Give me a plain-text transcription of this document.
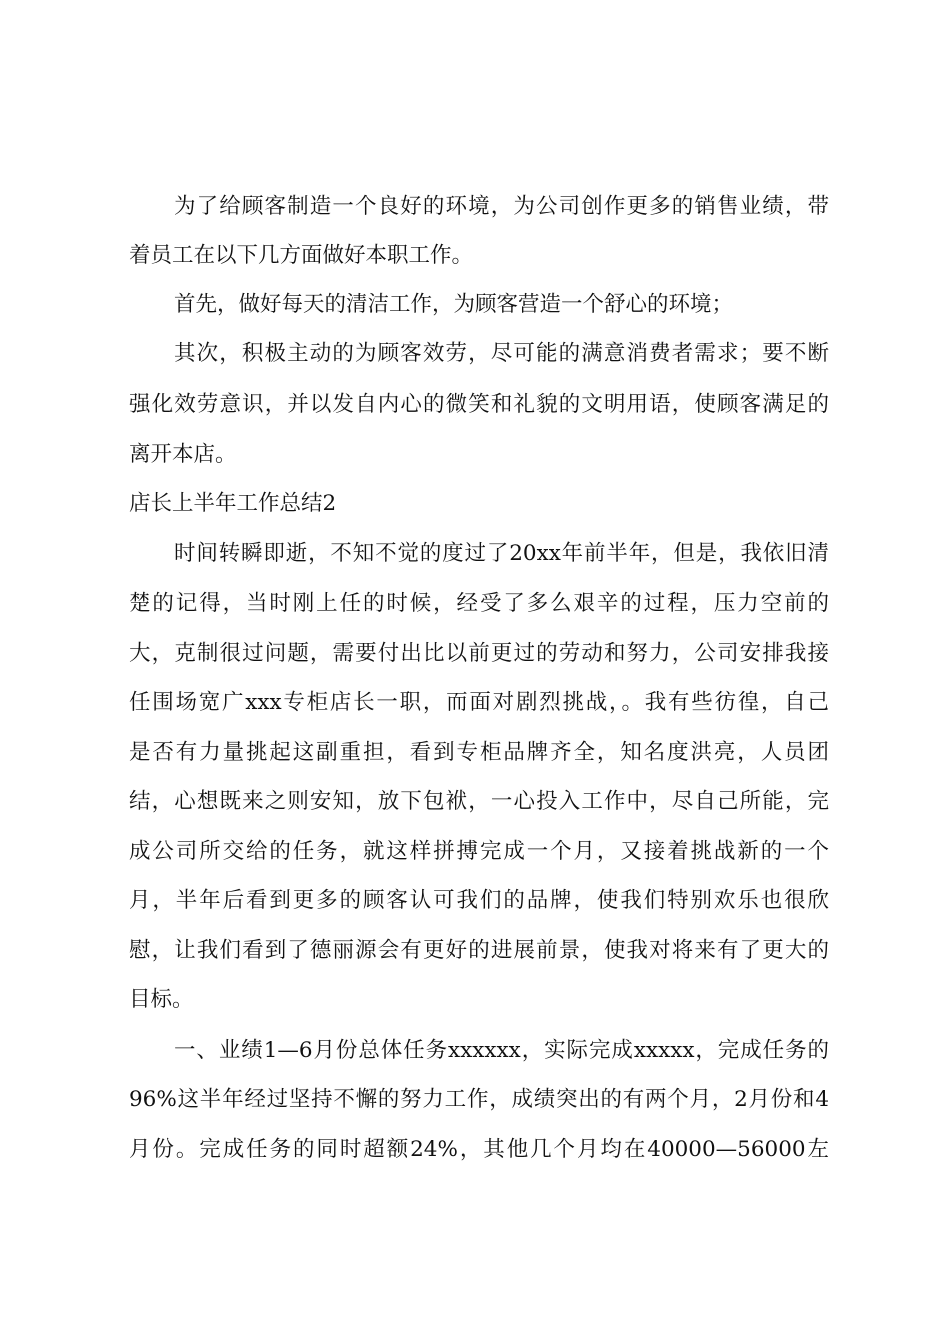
为了给顾客制造一个良好的环境，为公司创作更多的销售业绩，带
着员工在以下几方面做好本职工作。
首先，做好每天的清洁工作，为顾客营造一个舒心的环境；
其次，积极主动的为顾客效劳，尽可能的满意消费者需求；要不断
强化效劳意识，并以发自内心的微笑和礼貌的文明用语，使顾客满足的
离开本店。
店长上半年工作总结2
时间转瞬即逝，不知不觉的度过了20xx年前半年，但是，我依旧清
楚的记得，当时刚上任的时候，经受了多么艰辛的过程，压力空前的
大，克制很过问题，需要付出比以前更过的劳动和努力，公司安排我接
任围场宽广xxx专柜店长一职，而面对剧烈挑战，。我有些彷徨，自己
是否有力量挑起这副重担，看到专柜品牌齐全，知名度洪亮，人员团
结，心想既来之则安知，放下包袱，一心投入工作中，尽自己所能，完
成公司所交给的任务，就这样拼搏完成一个月，又接着挑战新的一个
月，半年后看到更多的顾客认可我们的品牌，使我们特别欢乐也很欣
慰，让我们看到了德丽源会有更好的进展前景，使我对将来有了更大的
目标。
一、业绩1—6月份总体任务xxxxxx，实际完成xxxxx，完成任务的
96%这半年经过坚持不懈的努力工作，成绩突出的有两个月，2月份和4
月份。完成任务的同时超额24%，其他几个月均在40000—56000左
